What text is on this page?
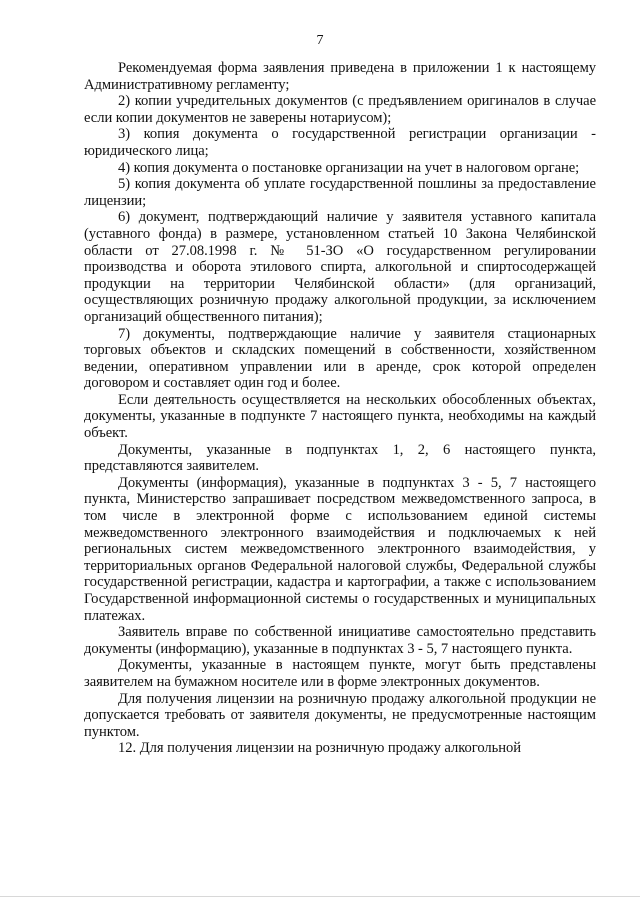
7

Рекомендуемая форма заявления приведена в приложении 1 к настоящему Административному регламенту;

2) копии учредительных документов (с предъявлением оригиналов в случае если копии документов не заверены нотариусом);

3) копия документа о государственной регистрации организации - юридического лица;

4) копия документа о постановке организации на учет в налоговом органе;

5) копия документа об уплате государственной пошлины за предоставление лицензии;

6) документ, подтверждающий наличие у заявителя уставного капитала (уставного фонда) в размере, установленном статьей 10 Закона Челябинской области от 27.08.1998 г. № 51-ЗО «О государственном регулировании производства и оборота этилового спирта, алкогольной и спиртосодержащей продукции на территории Челябинской области» (для организаций, осуществляющих розничную продажу алкогольной продукции, за исключением организаций общественного питания);

7) документы, подтверждающие наличие у заявителя стационарных торговых объектов и складских помещений в собственности, хозяйственном ведении, оперативном управлении или в аренде, срок которой определен договором и составляет один год и более.

Если деятельность осуществляется на нескольких обособленных объектах, документы, указанные в подпункте 7 настоящего пункта, необходимы на каждый объект.

Документы, указанные в подпунктах 1, 2, 6 настоящего пункта, представляются заявителем.

Документы (информация), указанные в подпунктах 3 - 5, 7 настоящего пункта, Министерство запрашивает посредством межведомственного запроса, в том числе в электронной форме с использованием единой системы межведомственного электронного взаимодействия и подключаемых к ней региональных систем межведомственного электронного взаимодействия, у территориальных органов Федеральной налоговой службы, Федеральной службы государственной регистрации, кадастра и картографии, а также с использованием Государственной информационной системы о государственных и муниципальных платежах.

Заявитель вправе по собственной инициативе самостоятельно представить документы (информацию), указанные в подпунктах 3 - 5, 7 настоящего пункта.

Документы, указанные в настоящем пункте, могут быть представлены заявителем на бумажном носителе или в форме электронных документов.

Для получения лицензии на розничную продажу алкогольной продукции не допускается требовать от заявителя документы, не предусмотренные настоящим пунктом.

12. Для получения лицензии на розничную продажу алкогольной
